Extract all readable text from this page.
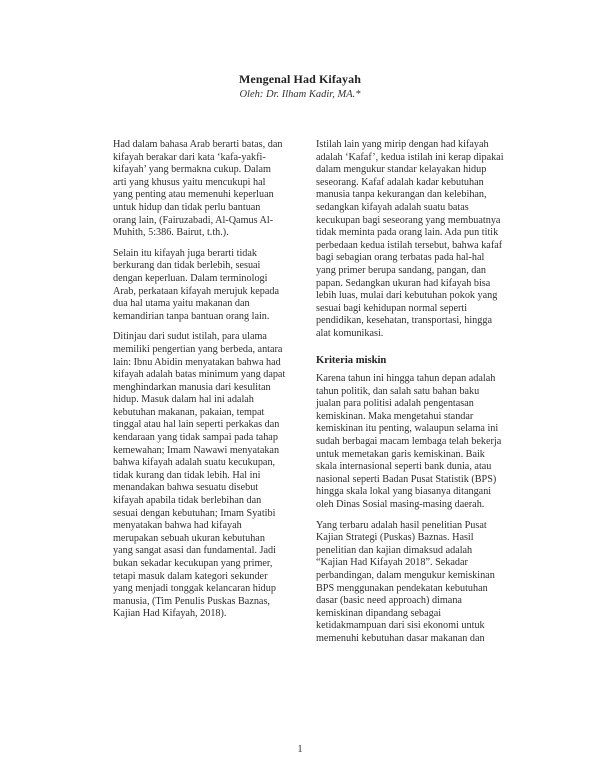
Mengenal Had Kifayah
Oleh: Dr. Ilham Kadir, MA.*

Had dalam bahasa Arab berarti batas, dan kifayah berakar dari kata ‘kafa-yakfi-kifayah’ yang bermakna cukup. Dalam arti yang khusus yaitu mencukupi hal yang penting atau memenuhi keperluan untuk hidup dan tidak perlu bantuan orang lain, (Fairuzabadi, Al-Qamus Al-Muhith, 5:386. Bairut, t.th.).

Selain itu kifayah juga berarti tidak berkurang dan tidak berlebih, sesuai dengan keperluan. Dalam terminologi Arab, perkataan kifayah merujuk kepada dua hal utama yaitu makanan dan kemandirian tanpa bantuan orang lain.

Ditinjau dari sudut istilah, para ulama memiliki pengertian yang berbeda, antara lain: Ibnu Abidin menyatakan bahwa had kifayah adalah batas minimum yang dapat menghindarkan manusia dari kesulitan hidup. Masuk dalam hal ini adalah kebutuhan makanan, pakaian, tempat tinggal atau hal lain seperti perkakas dan kendaraan yang tidak sampai pada tahap kemewahan; Imam Nawawi menyatakan bahwa kifayah adalah suatu kecukupan, tidak kurang dan tidak lebih. Hal ini menandakan bahwa sesuatu disebut kifayah apabila tidak berlebihan dan sesuai dengan kebutuhan; Imam Syatibi menyatakan bahwa had kifayah merupakan sebuah ukuran kebutuhan yang sangat asasi dan fundamental. Jadi bukan sekadar kecukupan yang primer, tetapi masuk dalam kategori sekunder yang menjadi tonggak kelancaran hidup manusia, (Tim Penulis Puskas Baznas, Kajian Had Kifayah, 2018).

Istilah lain yang mirip dengan had kifayah adalah ‘Kafaf’, kedua istilah ini kerap dipakai dalam mengukur standar kelayakan hidup seseorang. Kafaf adalah kadar kebutuhan manusia tanpa kekurangan dan kelebihan, sedangkan kifayah adalah suatu batas kecukupan bagi seseorang yang membuatnya tidak meminta pada orang lain. Ada pun titik perbedaan kedua istilah tersebut, bahwa kafaf bagi sebagian orang terbatas pada hal-hal yang primer berupa sandang, pangan, dan papan. Sedangkan ukuran had kifayah bisa lebih luas, mulai dari kebutuhan pokok yang sesuai bagi kehidupan normal seperti pendidikan, kesehatan, transportasi, hingga alat komunikasi.

Kriteria miskin

Karena tahun ini hingga tahun depan adalah tahun politik, dan salah satu bahan baku jualan para politisi adalah pengentasan kemiskinan. Maka mengetahui standar kemiskinan itu penting, walaupun selama ini sudah berbagai macam lembaga telah bekerja untuk memetakan garis kemiskinan. Baik skala internasional seperti bank dunia, atau nasional seperti Badan Pusat Statistik (BPS) hingga skala lokal yang biasanya ditangani oleh Dinas Sosial masing-masing daerah.

Yang terbaru adalah hasil penelitian Pusat Kajian Strategi (Puskas) Baznas. Hasil penelitian dan kajian dimaksud adalah “Kajian Had Kifayah 2018”. Sekadar perbandingan, dalam mengukur kemiskinan BPS menggunakan pendekatan kebutuhan dasar (basic need approach) dimana kemiskinan dipandang sebagai ketidakmampuan dari sisi ekonomi untuk memenuhi kebutuhan dasar makanan dan

1
